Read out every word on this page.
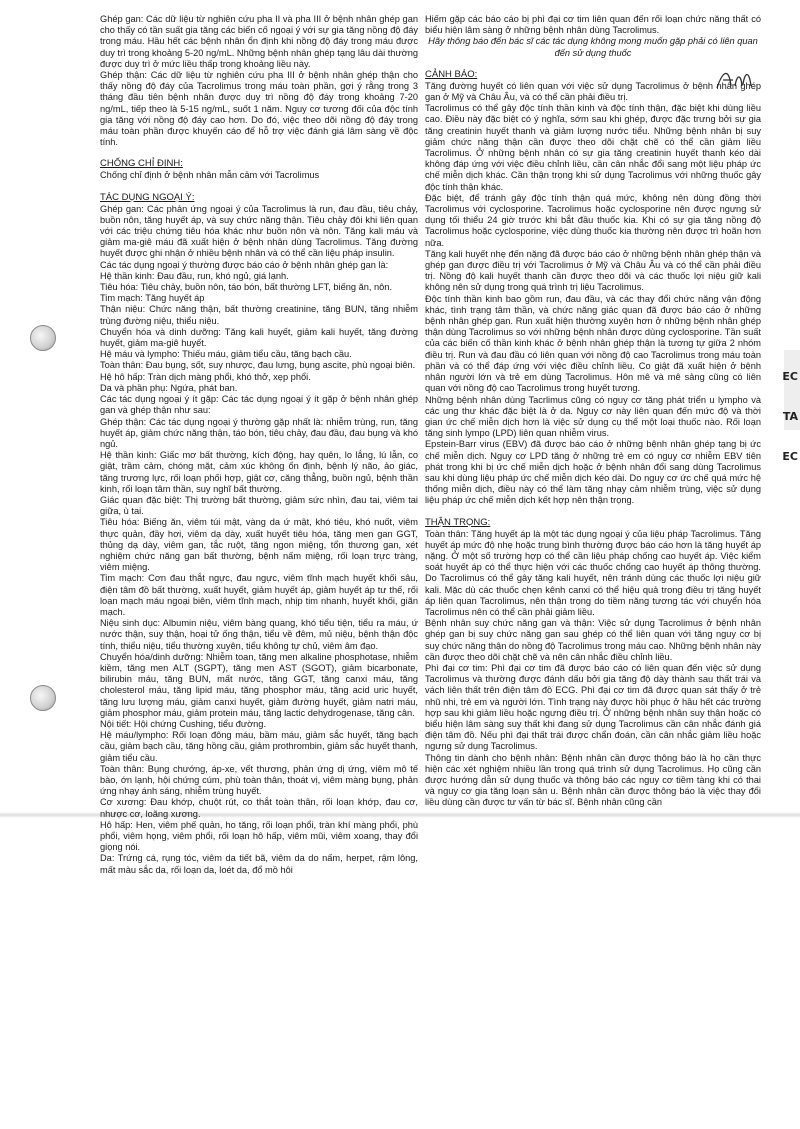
EC
TA
EC

Ghép gan: Các dữ liệu từ nghiên cứu pha II và pha III ở bệnh nhân ghép gan cho thấy có tần suất gia tăng các biến cố ngoại ý với sự gia tăng nồng độ đáy trong máu. Hầu hết các bệnh nhân ổn định khi nồng độ đáy trong máu được duy trì trong khoảng 5-20 ng/mL. Những bệnh nhân ghép tạng lâu dài thường được duy trì ở mức liều thấp trong khoảng liều này.

Ghép thận: Các dữ liệu từ nghiên cứu pha III ở bệnh nhân ghép thận cho thấy nồng độ đáy của Tacrolimus trong máu toàn phần, gợi ý rằng trong 3 tháng đầu tiên bệnh nhân được duy trì nồng độ đáy trong khoảng 7-20 ng/mL, tiếp theo là 5-15 ng/mL, suốt 1 năm. Nguy cơ tương đối của độc tính gia tăng với nồng độ đáy cao hơn. Do đó, việc theo dõi nồng độ đáy trong máu toàn phần được khuyến cáo để hỗ trợ việc đánh giá lâm sàng về độc tính.

CHỐNG CHỈ ĐỊNH:

Chống chỉ định ở bệnh nhân mẫn cảm với Tacrolimus

TÁC DỤNG NGOẠI Ý:

Ghép gan: Các phản ứng ngoại ý của Tacrolimus là run, đau đầu, tiêu chảy, buồn nôn, tăng huyết áp, và suy chức năng thận. Tiêu chảy đôi khi liên quan với các triệu chứng tiêu hóa khác như buồn nôn và nôn. Tăng kali máu và giảm ma-giê máu đã xuất hiện ở bệnh nhân dùng Tacrolimus. Tăng đường huyết được ghi nhận ở nhiều bệnh nhân và có thể cần liệu pháp insulin.

Các tác dụng ngoại ý thường được báo cáo ở bệnh nhân ghép gan là:

Hệ thần kinh: Đau đầu, run, khó ngủ, giá lạnh.

Tiêu hóa: Tiêu chảy, buồn nôn, táo bón, bất thường LFT, biếng ăn, nôn.

Tim mạch: Tăng huyết áp

Thận niệu: Chức năng thận, bất thường creatinine, tăng BUN, tăng nhiễm trùng đường niệu, thiểu niệu.

Chuyển hóa và dinh dưỡng: Tăng kali huyết, giảm kali huyết, tăng đường huyết, giảm ma-giê huyết.

Hệ máu và lympho: Thiếu máu, giảm tiểu cầu, tăng bạch cầu.

Toàn thân: Đau bụng, sốt, suy nhược, đau lưng, bụng ascite, phù ngoại biên.

Hệ hô hấp: Tràn dịch màng phổi, khó thở, xẹp phổi.

Da và phần phụ: Ngứa, phát ban.

Các tác dụng ngoại ý ít gặp: Các tác dụng ngoại ý ít gặp ở bệnh nhân ghép gan và ghép thận như sau:

Ghép thận: Các tác dụng ngoại ý thường gặp nhất là: nhiễm trùng, run, tăng huyết áp, giảm chức năng thận, táo bón, tiêu chảy, đau đầu, đau bụng và khó ngủ.

Hệ thần kinh: Giấc mơ bất thường, kích động, hay quên, lo lắng, lú lẫn, co giật, trầm cảm, chóng mặt, cảm xúc không ổn định, bệnh lý não, ảo giác, tăng trương lực, rối loạn phối hợp, giật cơ, căng thẳng, buồn ngủ, bệnh thần kinh, rối loạn tâm thần, suy nghĩ bất thường.

Giác quan đặc biệt: Thị trường bất thường, giảm sức nhìn, đau tai, viêm tai giữa, ù tai.

Tiêu hóa: Biếng ăn, viêm túi mật, vàng da ứ mật, khó tiêu, khó nuốt, viêm thực quản, đầy hơi, viêm dạ dày, xuất huyết tiêu hóa, tăng men gan GGT, thủng dạ dày, viêm gan, tắc ruột, tăng ngon miệng, tổn thương gan, xét nghiệm chức năng gan bất thường, bệnh nấm miệng, rối loạn trực tràng, viêm miệng.

Tim mạch: Cơn đau thắt ngực, đau ngực, viêm tĩnh mạch huyết khối sâu, điện tâm đồ bất thường, xuất huyết, giảm huyết áp, giảm huyết áp tư thế, rối loạn mạch máu ngoại biên, viêm tĩnh mạch, nhịp tim nhanh, huyết khối, giãn mạch.

Niệu sinh dục: Albumin niệu, viêm bàng quang, khó tiểu tiện, tiểu ra máu, ứ nước thận, suy thận, hoại tử ống thận, tiểu về đêm, mủ niệu, bệnh thận độc tính, thiểu niệu, tiểu thường xuyên, tiểu không tự chủ, viêm âm đạo.

Chuyển hóa/dinh dưỡng: Nhiễm toan, tăng men alkaline phosphotase, nhiễm kiềm, tăng men ALT (SGPT), tăng men AST (SGOT), giảm bicarbonate, bilirubin máu, tăng BUN, mất nước, tăng GGT, tăng canxi máu, tăng cholesterol máu, tăng lipid máu, tăng phosphor máu, tăng acid uric huyết, tăng lưu lượng máu, giảm canxi huyết, giảm đường huyết, giảm natri máu, giảm phosphor máu, giảm protein máu, tăng lactic dehydrogenase, tăng cân.

Nội tiết: Hội chứng Cushing, tiểu đường.

Hệ máu/lympho: Rối loạn đông máu, bầm máu, giảm sắc huyết, tăng bạch cầu, giảm bạch cầu, tăng hồng cầu, giảm prothrombin, giảm sắc huyết thanh, giảm tiểu cầu.

Toàn thân: Bụng chướng, áp-xe, vết thương, phản ứng dị ứng, viêm mô tế bào, ớn lạnh, hội chứng cúm, phù toàn thân, thoát vị, viêm màng bụng, phản ứng nhạy ánh sáng, nhiễm trùng huyết.

Cơ xương: Đau khớp, chuột rút, co thắt toàn thân, rối loạn khớp, đau cơ, nhược cơ, loãng xương.

Hô hấp: Hen, viêm phế quản, ho tăng, rối loạn phổi, tràn khí màng phổi, phù phổi, viêm họng, viêm phổi, rối loạn hô hấp, viêm mũi, viêm xoang, thay đổi giọng nói.

Da: Trứng cá, rụng tóc, viêm da tiết bã, viêm da do nấm, herpet, rậm lông, mất màu sắc da, rối loạn da, loét da, đổ mồ hôi

Hiếm gặp các báo cáo bị phì đại cơ tim liên quan đến rối loạn chức năng thất có biểu hiện lâm sàng ở những bệnh nhân dùng Tacrolimus.

Hãy thông báo đến bác sĩ các tác dụng không mong muốn gặp phải có liên quan đến sử dụng thuốc

CẢNH BÁO:

Tăng đường huyết có liên quan với việc sử dụng Tacrolimus ở bệnh nhân ghép gan ở Mỹ và Châu Âu, và có thể cần phải điều trị.

Tacrolimus có thể gây độc tính thần kinh và độc tính thận, đặc biệt khi dùng liều cao. Điều này đặc biệt có ý nghĩa, sớm sau khi ghép, được đặc trưng bởi sự gia tăng creatinin huyết thanh và giảm lượng nước tiểu. Những bệnh nhân bị suy giảm chức năng thận cần được theo dõi chặt chẽ có thể cần giảm liều Tacrolimus. Ở những bệnh nhân có sự gia tăng creatinin huyết thanh kéo dài không đáp ứng với việc điều chỉnh liều, cần cân nhắc đổi sang một liệu pháp ức chế miễn dịch khác. Cần thận trọng khi sử dụng Tacrolimus với những thuốc gây độc tính thận khác.

Đặc biệt, để tránh gây độc tính thận quá mức, không nên dùng đồng thời Tacrolimus với cyclosporine. Tacrolimus hoặc cyclosporine nên được ngưng sử dụng tối thiểu 24 giờ trước khi bắt đầu thuốc kia. Khi có sự gia tăng nồng độ Tacrolimus hoặc cyclosporine, việc dùng thuốc kia thường nên được trì hoãn hơn nữa.

Tăng kali huyết nhẹ đến nặng đã được báo cáo ở những bệnh nhân ghép thận và ghép gan được điều trị với Tacrolimus ở Mỹ và Châu Âu và có thể cần phải điều trị. Nồng độ kali huyết thanh cần được theo dõi và các thuốc lợi niệu giữ kali không nên sử dụng trong quá trình trị liệu Tacrolimus.

Độc tính thần kinh bao gồm run, đau đầu, và các thay đổi chức năng vận động khác, tình trạng tâm thần, và chức năng giác quan đã được báo cáo ở những bệnh nhân ghép gan. Run xuất hiện thường xuyên hơn ở những bệnh nhân ghép thận dùng Tacrolimus so với những bệnh nhân được dùng cyclosporine. Tần suất của các biến cố thần kinh khác ở bệnh nhân ghép thận là tương tự giữa 2 nhóm điều trị. Run và đau đầu có liên quan với nồng độ cao Tacrolimus trong máu toàn phần và có thể đáp ứng với việc điều chỉnh liều. Co giật đã xuất hiện ở bệnh nhân người lớn và trẻ em dùng Tacrolimus. Hôn mê và mê sảng cũng có liên quan với nồng độ cao Tacrolimus trong huyết tương.

Những bệnh nhân dùng Tacrlimus cũng có nguy cơ tăng phát triển u lympho và các ung thư khác đặc biệt là ở da. Nguy cơ này liên quan đến mức độ và thời gian ức chế miễn dịch hơn là việc sử dụng cụ thể một loại thuốc nào. Rối loạn tăng sinh lympo (LPD) liên quan nhiễm virus.

Epstein-Barr virus (EBV) đã được báo cáo ở những bệnh nhân ghép tạng bị ức chế miễn dịch. Nguy cơ LPD tăng ở những trẻ em có nguy cơ nhiễm EBV tiên phát trong khi bị ức chế miễn dịch hoặc ở bệnh nhân đổi sang dùng Tacrolimus sau khi dùng liệu pháp ức chế miễn dịch kéo dài. Do nguy cơ ức chế quá mức hệ thống miễn dịch, điều này có thể làm tăng nhạy cảm nhiễm trùng, việc sử dụng liệu pháp ức chế miễn dịch kết hợp nên thận trọng.

THẬN TRỌNG:

Toàn thân: Tăng huyết áp là một tác dụng ngoại ý của liệu pháp Tacrolimus. Tăng huyết áp mức độ nhẹ hoặc trung bình thường được báo cáo hơn là tăng huyết áp nặng. Ở một số trường hợp có thể cần liệu pháp chống cao huyết áp. Việc kiểm soát huyết áp có thể thực hiện với các thuốc chống cao huyết áp thông thường. Do Tacrolimus có thể gây tăng kali huyết, nên tránh dùng các thuốc lợi niệu giữ kali. Mặc dù các thuốc chẹn kênh canxi có thể hiệu quả trong điều trị tăng huyết áp liên quan Tacrolimus, nên thận trọng do tiềm năng tương tác với chuyển hóa Tacrolimus nên có thể cần phải giảm liều.

Bệnh nhân suy chức năng gan và thận: Việc sử dụng Tacrolimus ở bệnh nhân ghép gan bị suy chức năng gan sau ghép có thể liên quan với tăng nguy cơ bị suy chức năng thận do nồng độ Tacrolimus trong máu cao. Những bệnh nhân này cần được theo dõi chặt chẽ và nên cân nhắc điều chỉnh liều.

Phì đại cơ tim: Phì đại cơ tim đã được báo cáo có liên quan đến việc sử dụng Tacrolimus và thường được đánh dấu bởi gia tăng độ dày thành sau thất trái và vách liên thất trên điện tâm đồ ECG. Phì đại cơ tim đã được quan sát thấy ở trẻ nhũ nhi, trẻ em và người lớn. Tình trạng này được hồi phục ở hầu hết các trường hợp sau khi giảm liều hoặc ngưng điều trị. Ở những bệnh nhân suy thận hoặc có biểu hiện lâm sàng suy thất khi đang sử dụng Tacrolimus cần cân nhắc đánh giá điện tâm đồ. Nếu phì đại thất trái được chẩn đoán, cần cân nhắc giảm liều hoặc ngưng sử dụng Tacrolimus.

Thông tin dành cho bệnh nhân: Bệnh nhân cần được thông báo là họ cần thực hiện các xét nghiệm nhiều lần trong quá trình sử dụng Tacrolimus. Họ cũng cần được hướng dẫn sử dụng thuốc và thông báo các nguy cơ tiềm tàng khi có thai và nguy cơ gia tăng loạn sản u. Bệnh nhân cần được thông báo là việc thay đổi liều dùng cần được tư vấn từ bác sĩ. Bệnh nhân cũng cần
